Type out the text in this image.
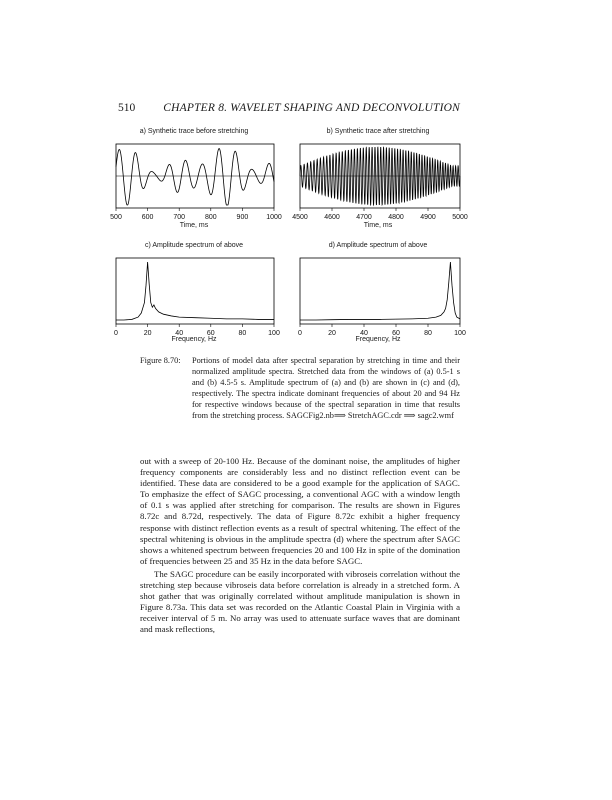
510 CHAPTER 8. WAVELET SHAPING AND DECONVOLUTION
a) Synthetic trace before stretching
500	600	700	800	900	1000
Time, ms
b) Synthetic trace after stretching
4500 4600 4700 4800 4900 5000
Time, ms
c) Amplitude spectrum of above
0	20	40	60	80	100
Frequency, Hz
d) Amplitude spectrum of above
0	20	40	60	80	100
Frequency, Hz
Figure 8.70: Portions of model data after spectral separation by stretching in time and their normalized amplitude spectra. Stretched data from the windows of (a) 0.5-1 s and (b) 4.5-5 s. Amplitude spectrum of (a) and (b) are shown in (c) and (d), respectively. The spectra indicate dominant frequencies of about 20 and 94 Hz for respective windows because of the spectral separation in time that results from the stretching process. SAGCFig2.nb⟹ StretchAGC.cdr ⟹ sagc2.wmf

out with a sweep of 20-100 Hz. Because of the dominant noise, the amplitudes of higher frequency components are considerably less and no distinct reflection event can be identified. These data are considered to be a good example for the application of SAGC. To emphasize the effect of SAGC processing, a conventional AGC with a window length of 0.1 s was applied after stretching for comparison. The results are shown in Figures 8.72c and 8.72d, respectively. The data of Figure 8.72c exhibit a higher frequency response with distinct reflection events as a result of spectral whitening. The effect of the spectral whitening is obvious in the amplitude spectra (d) where the spectrum after SAGC shows a whitened spectrum between frequencies 20 and 100 Hz in spite of the domination of frequencies between 25 and 35 Hz in the data before SAGC.

The SAGC procedure can be easily incorporated with vibroseis correlation without the stretching step because vibroseis data before correlation is already in a stretched form. A shot gather that was originally correlated without amplitude manipulation is shown in Figure 8.73a. This data set was recorded on the Atlantic Coastal Plain in Virginia with a receiver interval of 5 m. No array was used to attenuate surface waves that are dominant and mask reflections,
